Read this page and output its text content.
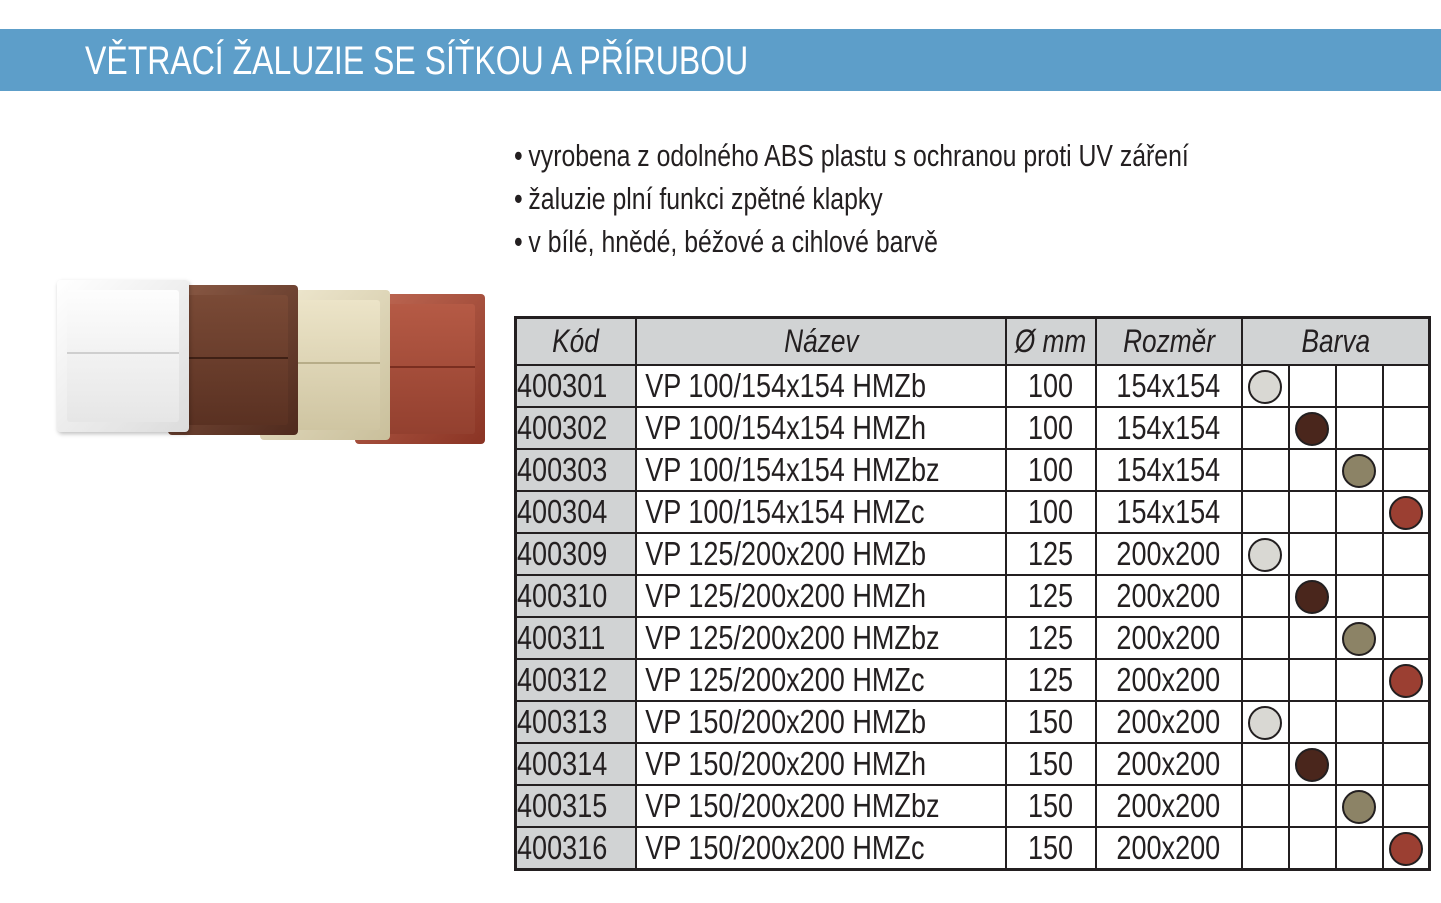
VĚTRACÍ ŽALUZIE SE SÍŤKOU A PŘÍRUBOU
• vyrobena z odolného ABS plastu s ochranou proti UV záření
• žaluzie plní funkci zpětné klapky
• v bílé, hnědé, béžové a cihlové barvě
Kód	Název	Ø mm	Rozměr	Barva			
400301	VP 100/154x154 HMZb	100	154x154				
400302	VP 100/154x154 HMZh	100	154x154				
400303	VP 100/154x154 HMZbz	100	154x154				
400304	VP 100/154x154 HMZc	100	154x154				
400309	VP 125/200x200 HMZb	125	200x200				
400310	VP 125/200x200 HMZh	125	200x200				
400311	VP 125/200x200 HMZbz	125	200x200				
400312	VP 125/200x200 HMZc	125	200x200				
400313	VP 150/200x200 HMZb	150	200x200				
400314	VP 150/200x200 HMZh	150	200x200				
400315	VP 150/200x200 HMZbz	150	200x200				
400316	VP 150/200x200 HMZc	150	200x200				
